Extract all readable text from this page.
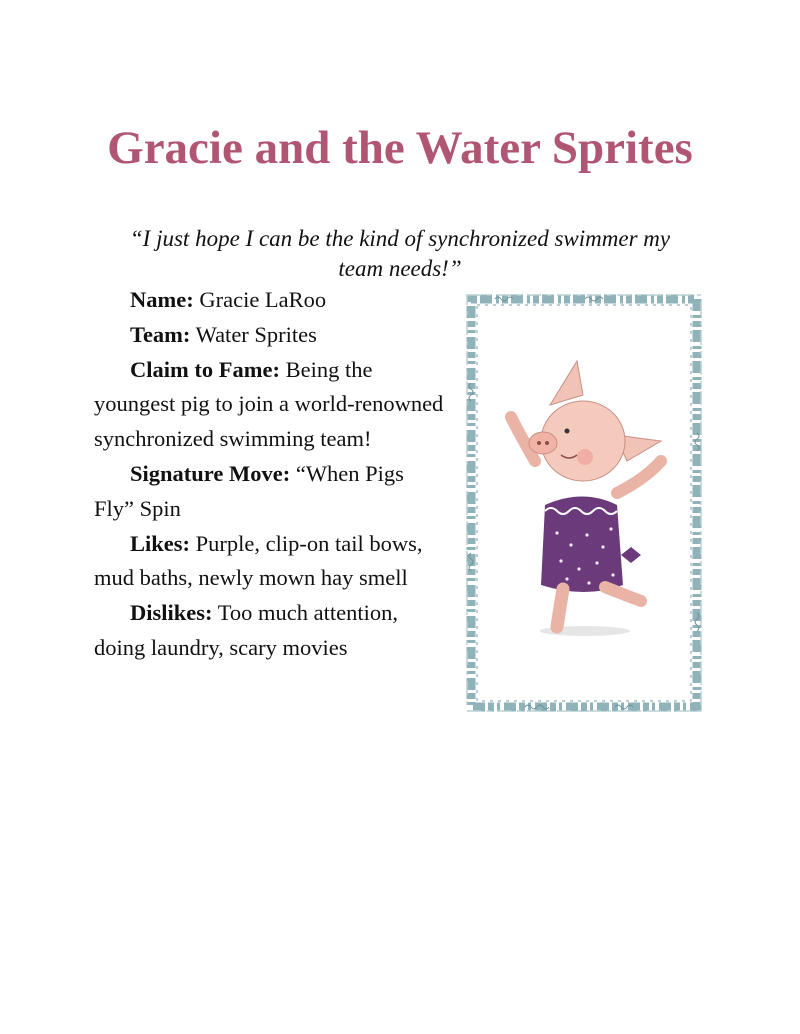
Gracie and the Water Sprites

“I just hope I can be the kind of synchronized swimmer my team needs!”

Name: Gracie LaRoo

Team: Water Sprites

Claim to Fame: Being the youngest pig to join a world-renowned synchronized swimming team!

Signature Move: “When Pigs Fly” Spin

Likes: Purple, clip-on tail bows, mud baths, newly mown hay smell

Dislikes: Too much attention, doing laundry, scary movies
